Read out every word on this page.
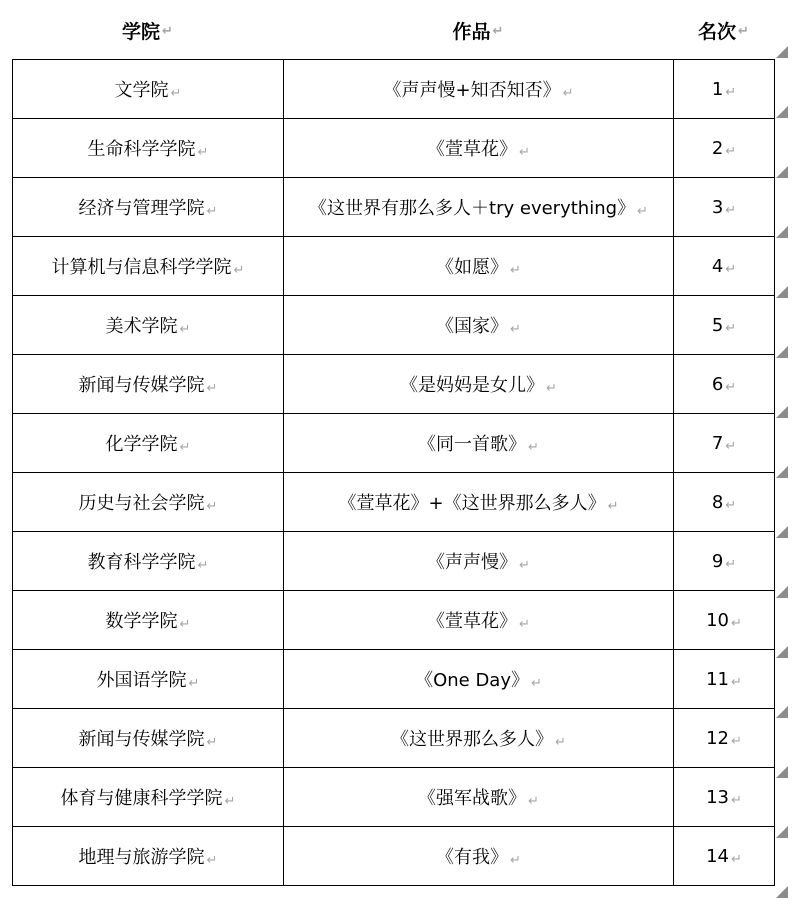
学院 ↵	作品 ↵	名次 ↵
文学院 ↵	《声声慢+知否知否》 ↵	1 ↵
生命科学学院 ↵	《萱草花》 ↵	2 ↵
经济与管理学院 ↵	《这世界有那么多人＋try everything》 ↵	3 ↵
计算机与信息科学学院 ↵	《如愿》 ↵	4 ↵
美术学院 ↵	《国家》 ↵	5 ↵
新闻与传媒学院 ↵	《是妈妈是女儿》 ↵	6 ↵
化学学院 ↵	《同一首歌》 ↵	7 ↵
历史与社会学院 ↵	《萱草花》+《这世界那么多人》 ↵	8 ↵
教育科学学院 ↵	《声声慢》 ↵	9 ↵
数学学院 ↵	《萱草花》 ↵	10 ↵
外国语学院 ↵	《One Day》 ↵	11 ↵
新闻与传媒学院 ↵	《这世界那么多人》 ↵	12 ↵
体育与健康科学学院 ↵	《强军战歌》 ↵	13 ↵
地理与旅游学院 ↵	《有我》 ↵	14 ↵
